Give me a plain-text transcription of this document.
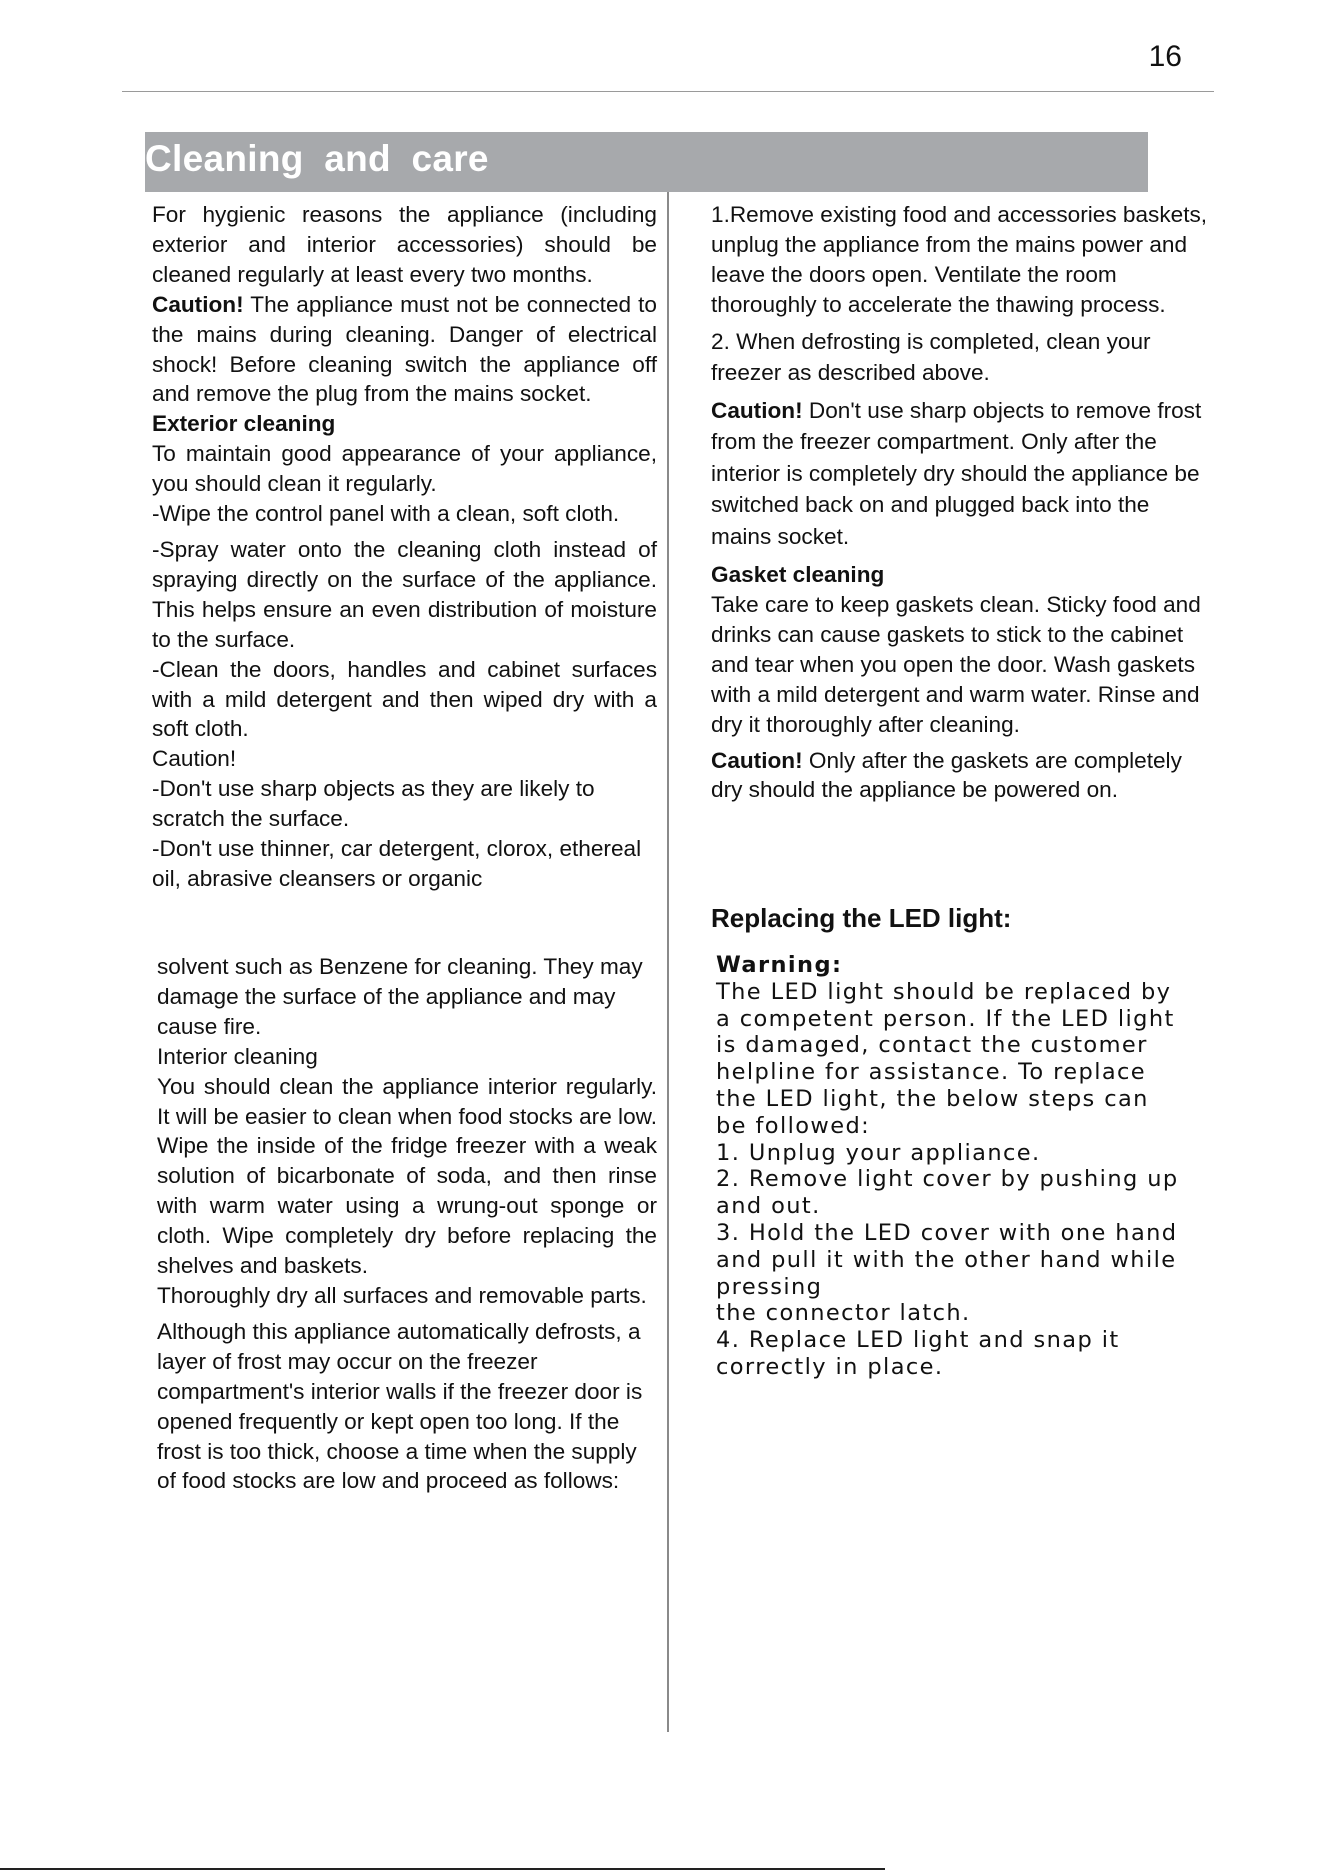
16
Cleaning and care

For hygienic reasons the appliance (including exterior and interior accessories) should be cleaned regularly at least every two months.

Caution! The appliance must not be connected to the mains during cleaning. Danger of electrical shock! Before cleaning switch the appliance off and remove the plug from the mains socket.

Exterior cleaning

To maintain good appearance of your appliance, you should clean it regularly.

-Wipe the control panel with a clean, soft cloth.

-Spray water onto the cleaning cloth instead of spraying directly on the surface of the appliance. This helps ensure an even distribution of moisture to the surface.

-Clean the doors, handles and cabinet surfaces with a mild detergent and then wiped dry with a soft cloth.

Caution!

-Don't use sharp objects as they are likely to scratch the surface.

-Don't use thinner, car detergent, clorox, ethereal oil, abrasive cleansers or organic

solvent such as Benzene for cleaning. They may damage the surface of the appliance and may cause fire.

Interior cleaning

You should clean the appliance interior regularly. It will be easier to clean when food stocks are low. Wipe the inside of the fridge freezer with a weak solution of bicarbonate of soda, and then rinse with warm water using a wrung-out sponge or cloth. Wipe completely dry before replacing the shelves and baskets.

Thoroughly dry all surfaces and removable parts.

Although this appliance automatically defrosts, a layer of frost may occur on the freezer compartment's interior walls if the freezer door is opened frequently or kept open too long. If the frost is too thick, choose a time when the supply of food stocks are low and proceed as follows:

1.Remove existing food and accessories baskets, unplug the appliance from the mains power and leave the doors open. Ventilate the room thoroughly to accelerate the thawing process.

2. When defrosting is completed, clean your freezer as described above.

Caution! Don't use sharp objects to remove frost from the freezer compartment. Only after the interior is completely dry should the appliance be switched back on and plugged back into the mains socket.

Gasket cleaning

Take care to keep gaskets clean. Sticky food and drinks can cause gaskets to stick to the cabinet and tear when you open the door. Wash gaskets with a mild detergent and warm water. Rinse and dry it thoroughly after cleaning.

Caution! Only after the gaskets are completely dry should the appliance be powered on.

Replacing the LED light:

Warning:

The LED light should be replaced by a competent person. If the LED light is damaged, contact the customer helpline for assistance. To replace the LED light, the below steps can be followed:

1. Unplug your appliance.

2. Remove light cover by pushing up and out.

3. Hold the LED cover with one hand and pull it with the other hand while pressing

the connector latch.

4. Replace LED light and snap it correctly in place.
